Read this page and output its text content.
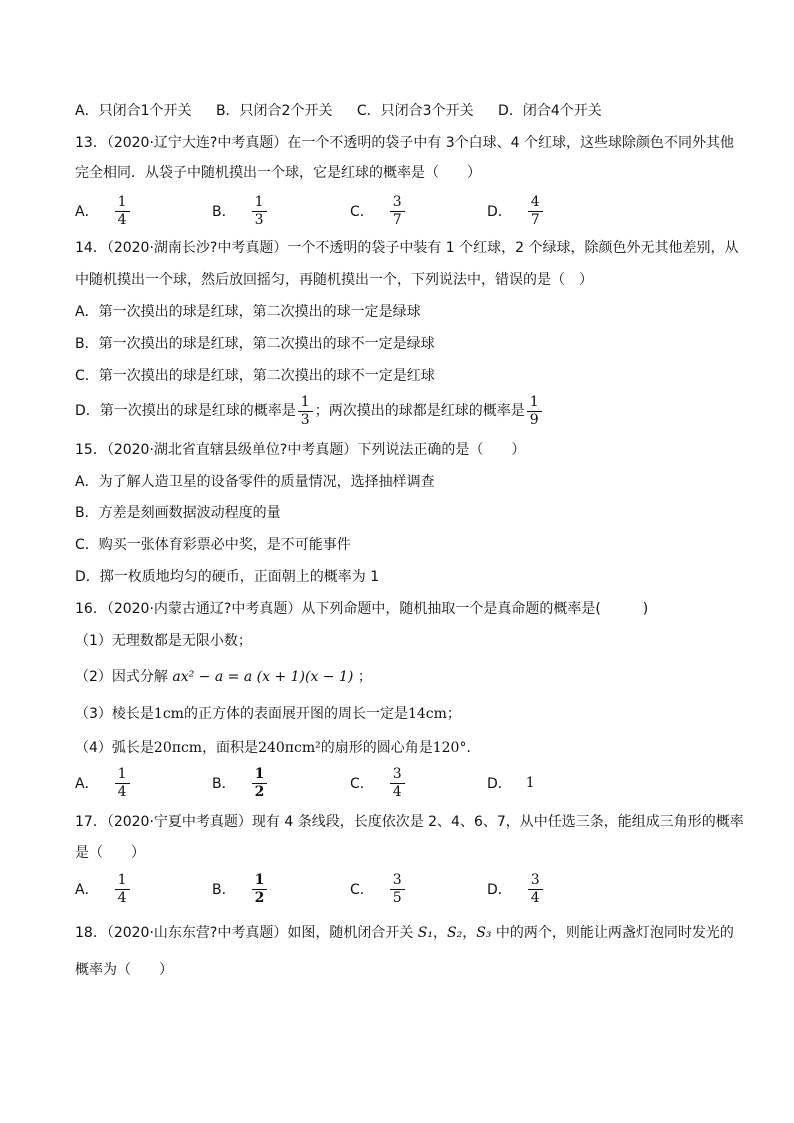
A．只闭合1个开关 B．只闭合2个开关 C．只闭合3个开关 D．闭合4个开关
13．（2020·辽宁大连?中考真题）在一个不透明的袋子中有 3个白球、4 个红球，这些球除颜色不同外其他
完全相同．从袋子中随机摸出一个球，它是红球的概率是（　　）
A． $\frac{1}{4}$	B． $\frac{1}{3}$	C． $\frac{3}{7}$	D． $\frac{4}{7}$
14．（2020·湖南长沙?中考真题）一个不透明的袋子中装有 1 个红球，2 个绿球，除颜色外无其他差别，从
中随机摸出一个球，然后放回摇匀，再随机摸出一个，下列说法中，错误的是（　）
A．第一次摸出的球是红球，第二次摸出的球一定是绿球
B．第一次摸出的球是红球，第二次摸出的球不一定是绿球
C．第一次摸出的球是红球，第二次摸出的球不一定是红球
D．第一次摸出的球是红球的概率是 $\frac{1}{3}$ ；两次摸出的球都是红球的概率是 $\frac{1}{9}$
15．（2020·湖北省直辖县级单位?中考真题）下列说法正确的是（　　）
A．为了解人造卫星的设备零件的质量情况，选择抽样调查
B．方差是刻画数据波动程度的量
C．购买一张体育彩票必中奖，是不可能事件
D．掷一枚质地均匀的硬币，正面朝上的概率为 1
16．（2020·内蒙古通辽?中考真题）从下列命题中，随机抽取一个是真命题的概率是(　　　)
（1）无理数都是无限小数；
（2）因式分解 ax² − a = a (x + 1)(x − 1) ；
（3）棱长是1cm的正方体的表面展开图的周长一定是14cm；
（4）弧长是20πcm，面积是240πcm²的扇形的圆心角是120°．
A． $\frac{1}{4}$	B． $\frac{1}{2}$	C． $\frac{3}{4}$	D． 1
17．（2020·宁夏中考真题）现有 4 条线段，长度依次是 2、4、6、7，从中任选三条，能组成三角形的概率
是（　　）
A． $\frac{1}{4}$	B． $\frac{1}{2}$	C． $\frac{3}{5}$	D． $\frac{3}{4}$
18．（2020·山东东营?中考真题）如图，随机闭合开关 S₁，S₂，S₃ 中的两个，则能让两盏灯泡同时发光的
概率为（　　）
